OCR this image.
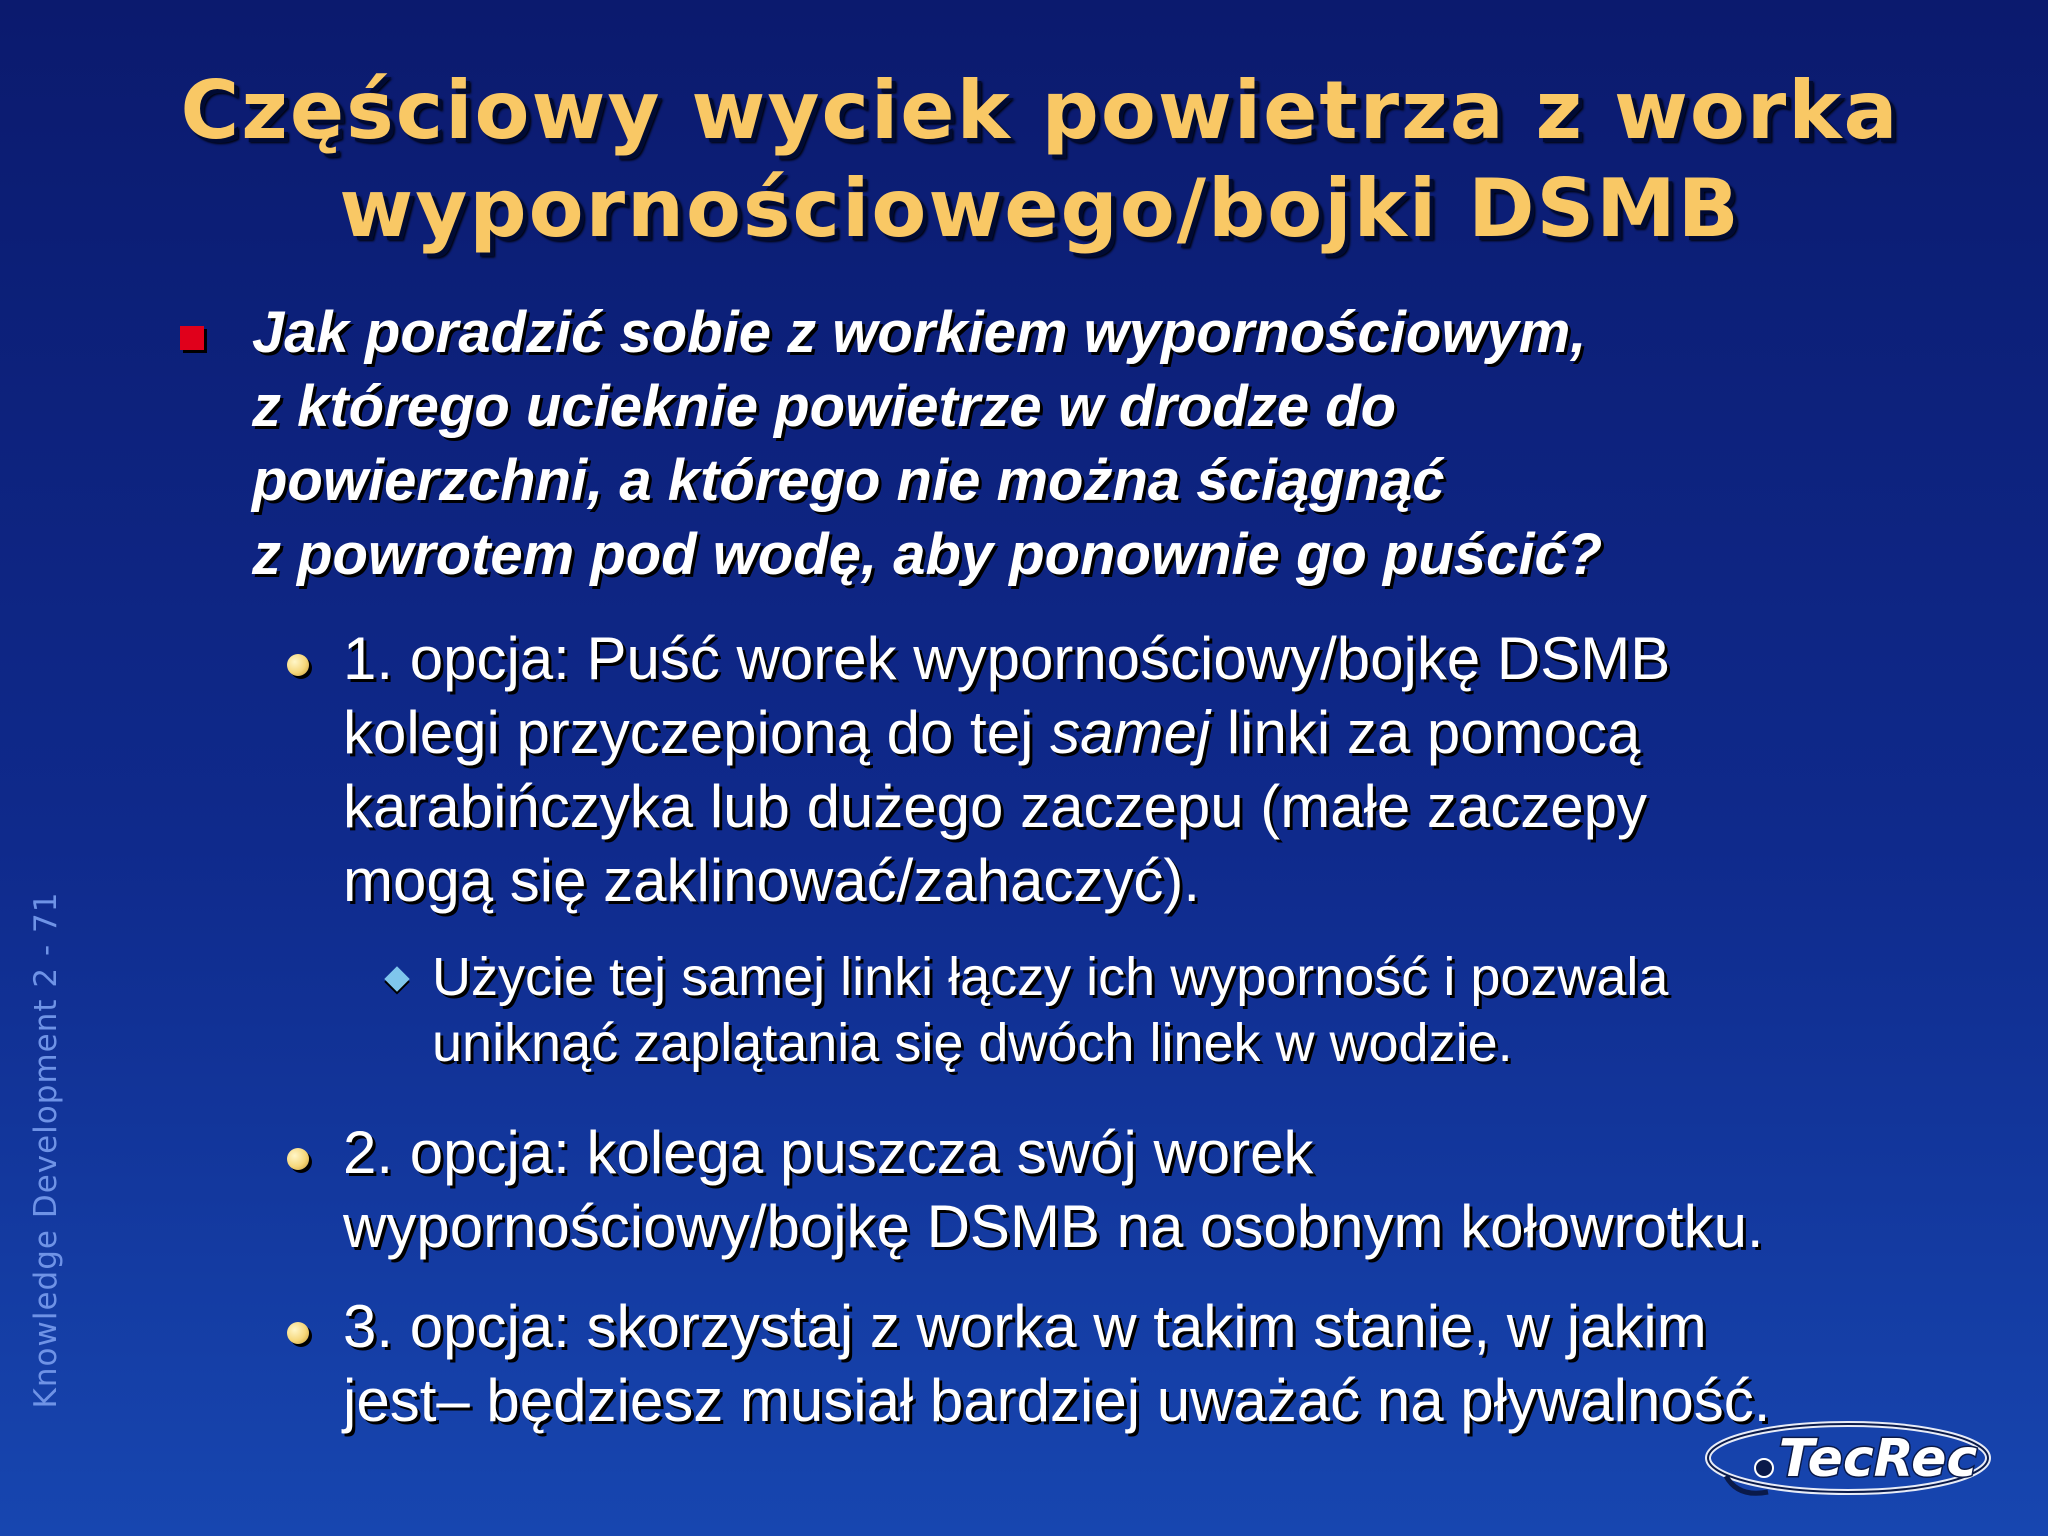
Częściowy wyciek powietrza z worka
wypornościowego/bojki DSMB
Jak poradzić sobie z workiem wypornościowym,
z którego ucieknie powietrze w drodze do
powierzchni, a którego nie można ściągnąć
z powrotem pod wodę, aby ponownie go puścić?
1. opcja: Puść worek wypornościowy/bojkę DSMB
kolegi przyczepioną do tej samej linki za pomocą
karabińczyka lub dużego zaczepu (małe zaczepy
mogą się zaklinować/zahaczyć).
Użycie tej samej linki łączy ich wyporność i pozwala
uniknąć zaplątania się dwóch linek w wodzie.
2. opcja: kolega puszcza swój worek
wypornościowy/bojkę DSMB na osobnym kołowrotku.
3. opcja: skorzystaj z worka w takim stanie, w jakim
jest– będziesz musiał bardziej uważać na pływalność.
Knowledge Development 2 - 71
TecRec
